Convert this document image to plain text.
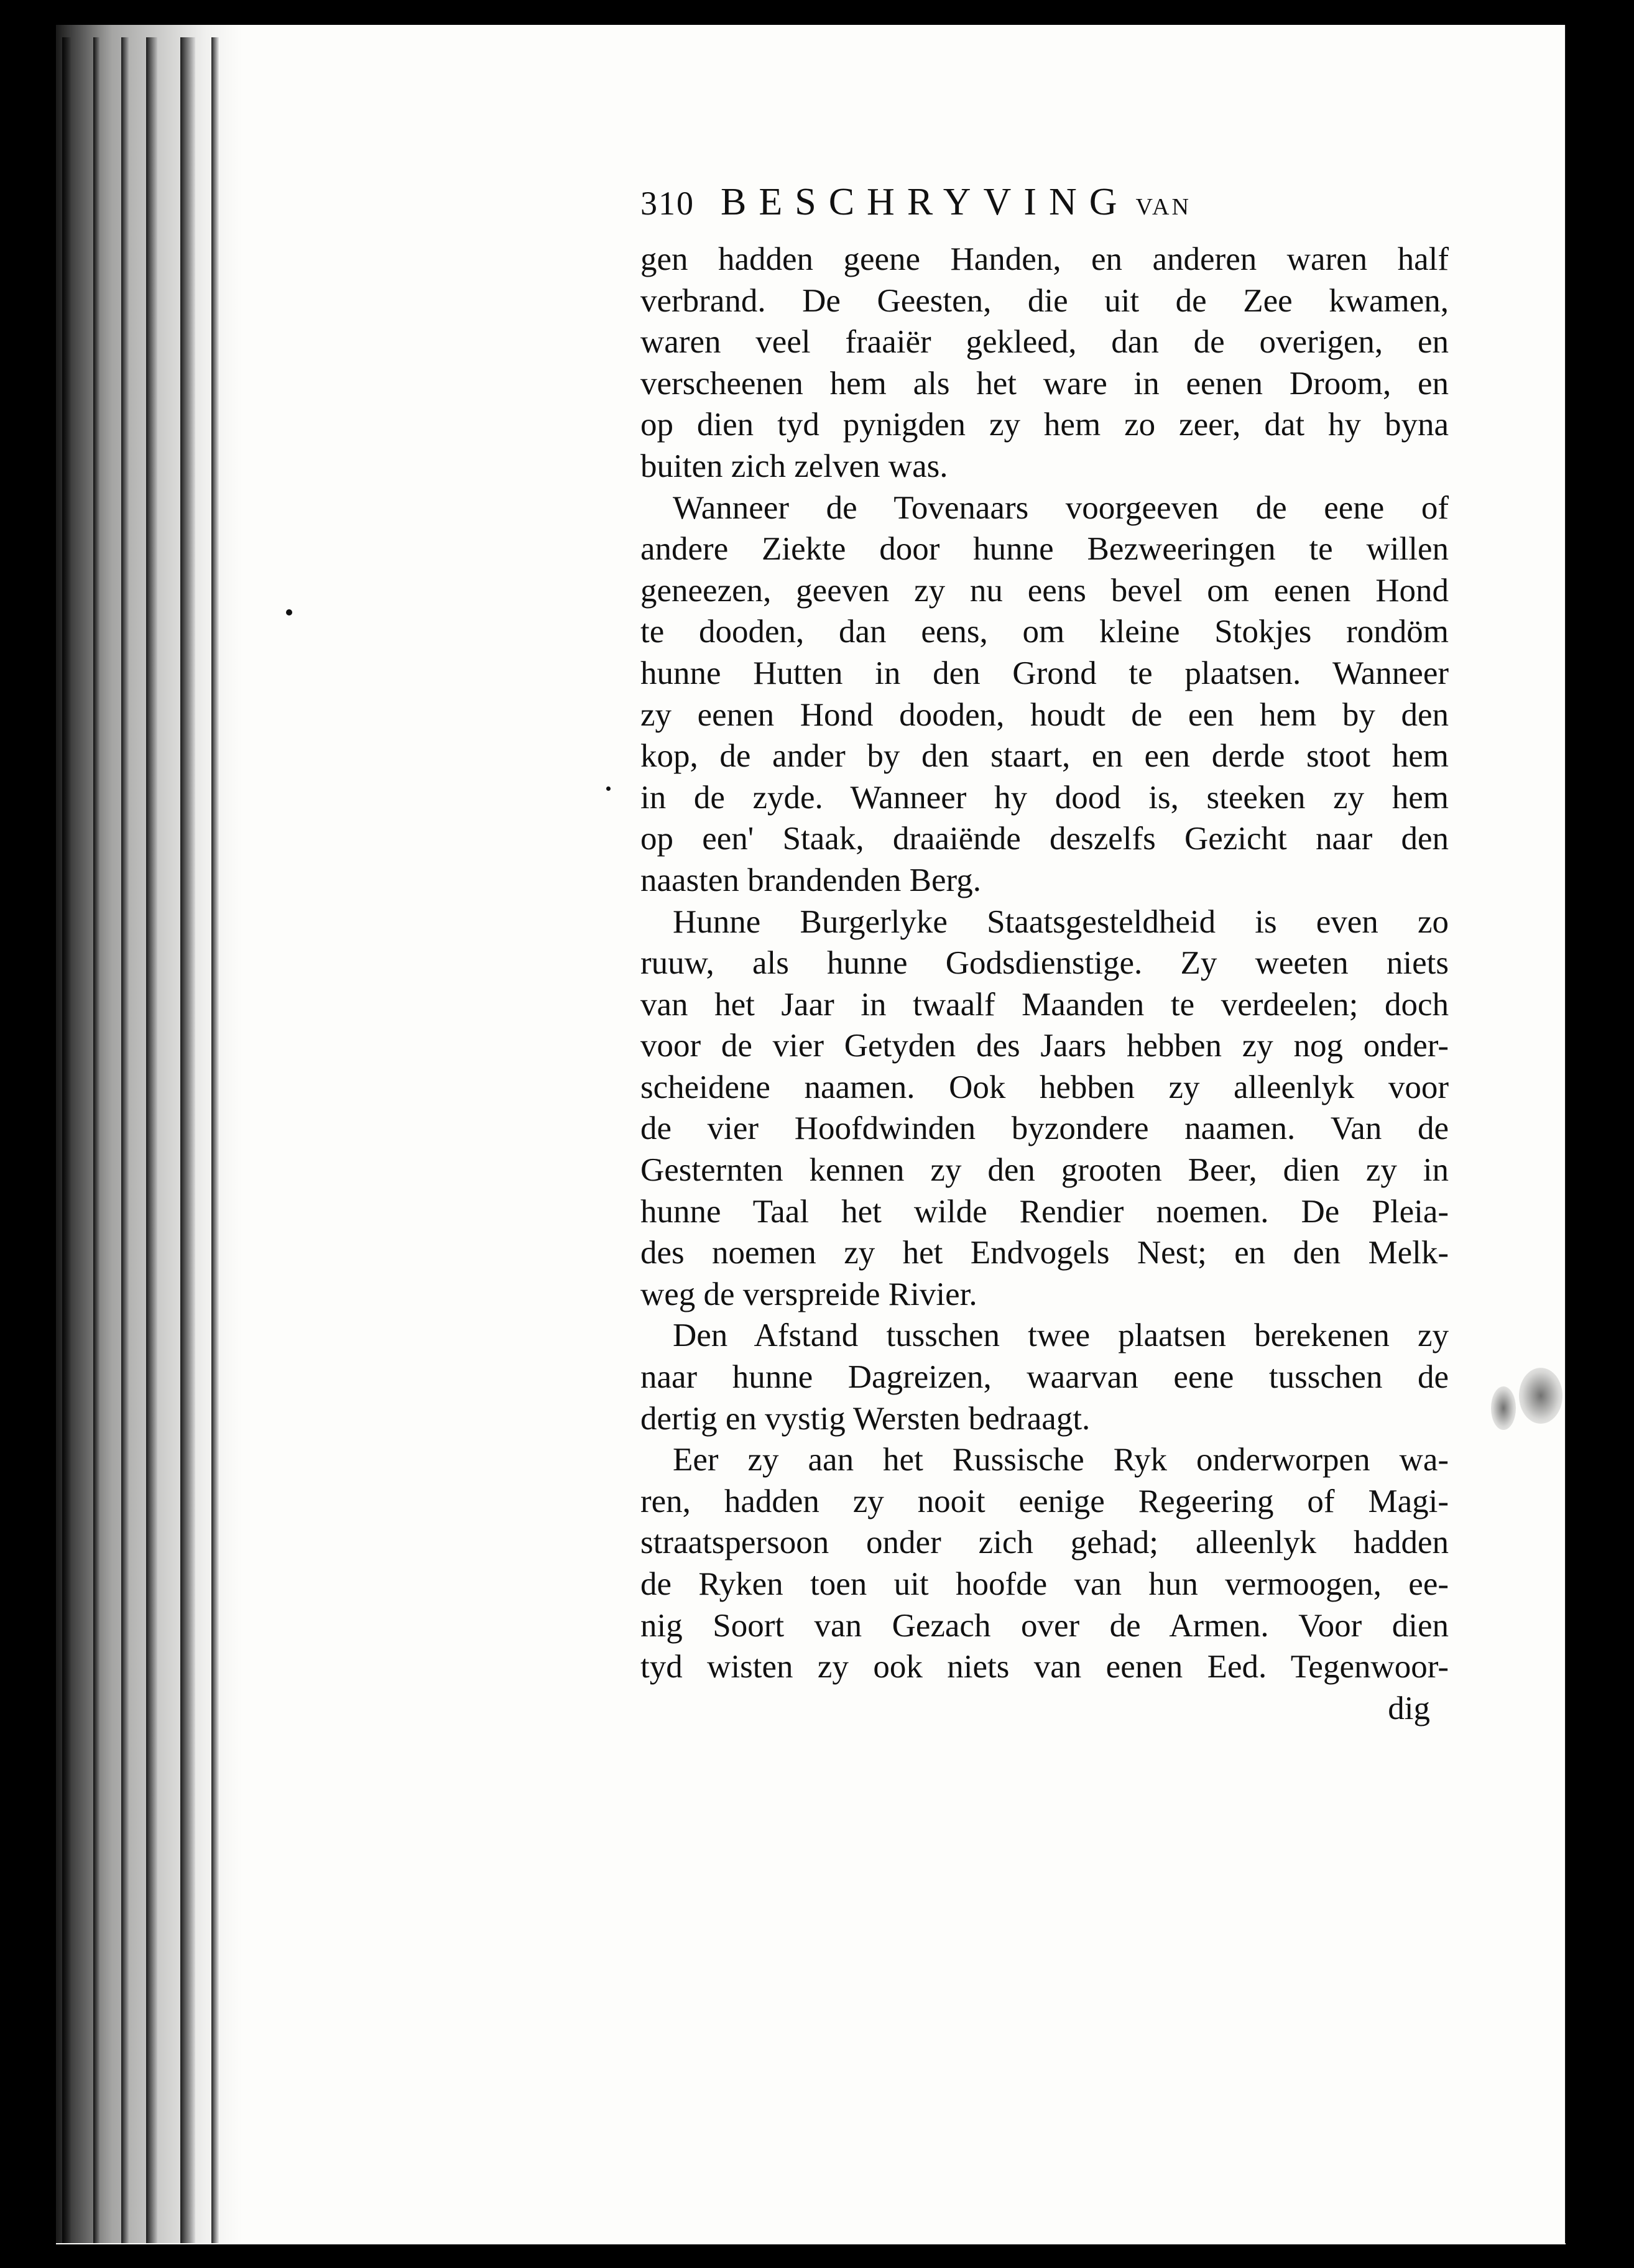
310 BESCHRYVING VAN
gen hadden geene Handen, en anderen waren half
verbrand. De Geesten, die uit de Zee kwamen,
waren veel fraaiër gekleed, dan de overigen, en
verscheenen hem als het ware in eenen Droom, en
op dien tyd pynigden zy hem zo zeer, dat hy byna
buiten zich zelven was.
Wanneer de Tovenaars voorgeeven de eene of
andere Ziekte door hunne Bezweeringen te willen
geneezen, geeven zy nu eens bevel om eenen Hond
te dooden, dan eens, om kleine Stokjes rondöm
hunne Hutten in den Grond te plaatsen. Wanneer
zy eenen Hond dooden, houdt de een hem by den
kop, de ander by den staart, en een derde stoot hem
in de zyde. Wanneer hy dood is, steeken zy hem
op een' Staak, draaiënde deszelfs Gezicht naar den
naasten brandenden Berg.
Hunne Burgerlyke Staatsgesteldheid is even zo
ruuw, als hunne Godsdienstige. Zy weeten niets
van het Jaar in twaalf Maanden te verdeelen; doch
voor de vier Getyden des Jaars hebben zy nog onder-
scheidene naamen. Ook hebben zy alleenlyk voor
de vier Hoofdwinden byzondere naamen. Van de
Gesternten kennen zy den grooten Beer, dien zy in
hunne Taal het wilde Rendier noemen. De Pleia-
des noemen zy het Endvogels Nest; en den Melk-
weg de verspreide Rivier.
Den Afstand tusschen twee plaatsen berekenen zy
naar hunne Dagreizen, waarvan eene tusschen de
dertig en vystig Wersten bedraagt.
Eer zy aan het Russische Ryk onderworpen wa-
ren, hadden zy nooit eenige Regeering of Magi-
straatspersoon onder zich gehad; alleenlyk hadden
de Ryken toen uit hoofde van hun vermoogen, ee-
nig Soort van Gezach over de Armen. Voor dien
tyd wisten zy ook niets van eenen Eed. Tegenwoor-
dig
